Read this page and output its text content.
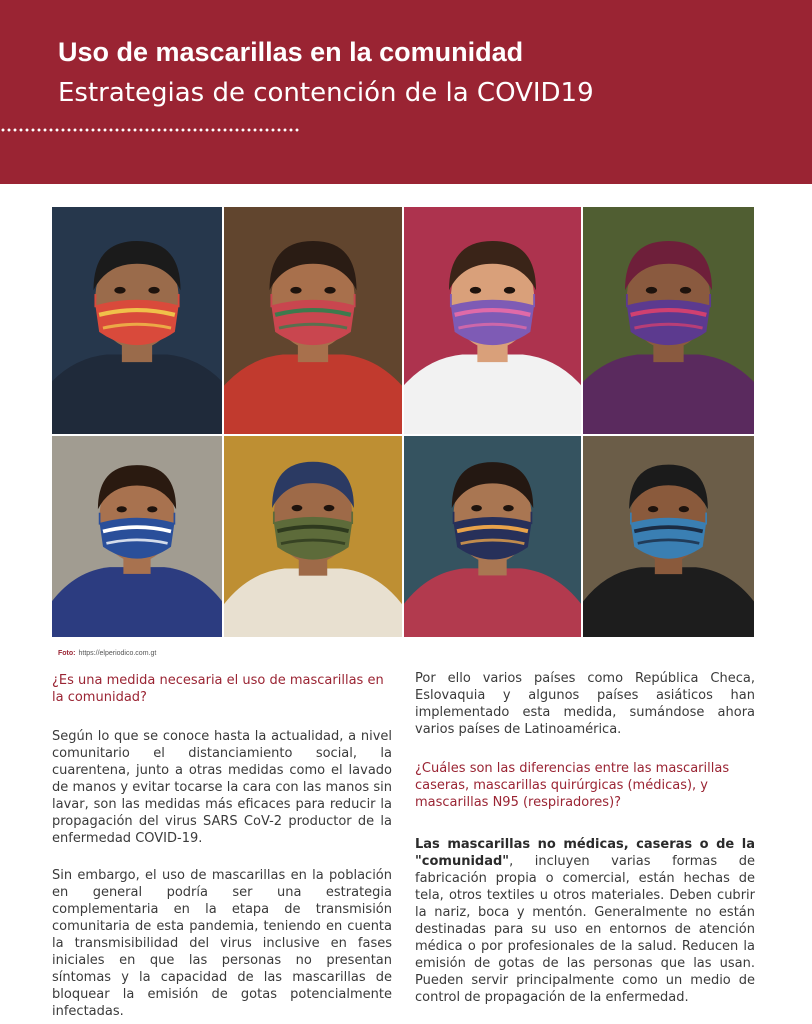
Uso de mascarillas en la comunidad
Estrategias de contención de la COVID19
Foto: https://elperiodico.com.gt

¿Es una medida necesaria el uso de mascarillas en la comunidad?

Según lo que se conoce hasta la actualidad, a nivel comunitario el distanciamiento social, la cuarentena, junto a otras medidas como el lavado de manos y evitar tocarse la cara con las manos sin lavar, son las medidas más eficaces para reducir la propagación del virus SARS CoV-2 productor de la enfermedad COVID-19.

Sin embargo, el uso de mascarillas en la población en general podría ser una estrategia complementaria en la etapa de transmisión comunitaria de esta pandemia, teniendo en cuenta la transmisibilidad del virus inclusive en fases iniciales en que las personas no presentan síntomas y la capacidad de las mascarillas de bloquear la emisión de gotas potencialmente infectadas.

Por ello varios países como República Checa, Eslovaquia y algunos países asiáticos han implementado esta medida, sumándose ahora varios países de Latinoamérica.

¿Cuáles son las diferencias entre las mascarillas caseras, mascarillas quirúrgicas (médicas), y mascarillas N95 (respiradores)?

Las mascarillas no médicas, caseras o de la "comunidad", incluyen varias formas de fabricación propia o comercial, están hechas de tela, otros textiles u otros materiales. Deben cubrir la nariz, boca y mentón. Generalmente no están destinadas para su uso en entornos de atención médica o por profesionales de la salud. Reducen la emisión de gotas de las personas que las usan. Pueden servir principalmente como un medio de control de propagación de la enfermedad.
